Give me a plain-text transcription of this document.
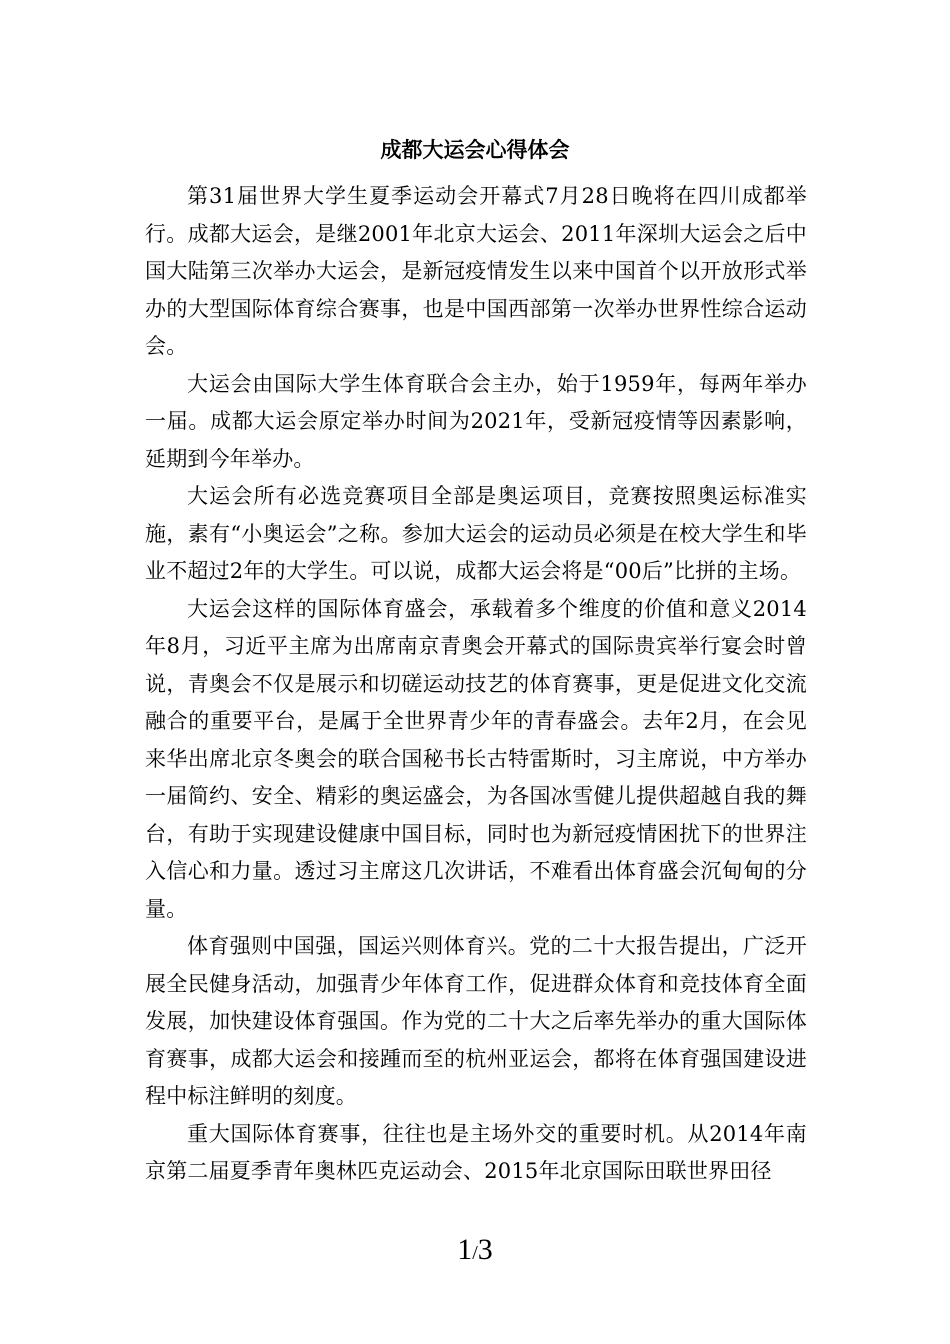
成都大运会心得体会

第31届世界大学生夏季运动会开幕式7月28日晚将在四川成都举行。成都大运会，是继2001年北京大运会、2011年深圳大运会之后中国大陆第三次举办大运会，是新冠疫情发生以来中国首个以开放形式举办的大型国际体育综合赛事，也是中国西部第一次举办世界性综合运动会。

大运会由国际大学生体育联合会主办，始于1959年，每两年举办一届。成都大运会原定举办时间为2021年，受新冠疫情等因素影响，延期到今年举办。

大运会所有必选竞赛项目全部是奥运项目，竞赛按照奥运标准实施，素有“小奥运会”之称。参加大运会的运动员必须是在校大学生和毕业不超过2年的大学生。可以说，成都大运会将是“00后”比拼的主场。

大运会这样的国际体育盛会，承载着多个维度的价值和意义2014年8月，习近平主席为出席南京青奥会开幕式的国际贵宾举行宴会时曾说，青奥会不仅是展示和切磋运动技艺的体育赛事，更是促进文化交流融合的重要平台，是属于全世界青少年的青春盛会。去年2月，在会见来华出席北京冬奥会的联合国秘书长古特雷斯时，习主席说，中方举办一届简约、安全、精彩的奥运盛会，为各国冰雪健儿提供超越自我的舞台，有助于实现建设健康中国目标，同时也为新冠疫情困扰下的世界注入信心和力量。透过习主席这几次讲话，不难看出体育盛会沉甸甸的分量。

体育强则中国强，国运兴则体育兴。党的二十大报告提出，广泛开展全民健身活动，加强青少年体育工作，促进群众体育和竞技体育全面发展，加快建设体育强国。作为党的二十大之后率先举办的重大国际体育赛事，成都大运会和接踵而至的杭州亚运会，都将在体育强国建设进程中标注鲜明的刻度。

重大国际体育赛事，往往也是主场外交的重要时机。从2014年南京第二届夏季青年奥林匹克运动会、2015年北京国际田联世界田径

1/3
